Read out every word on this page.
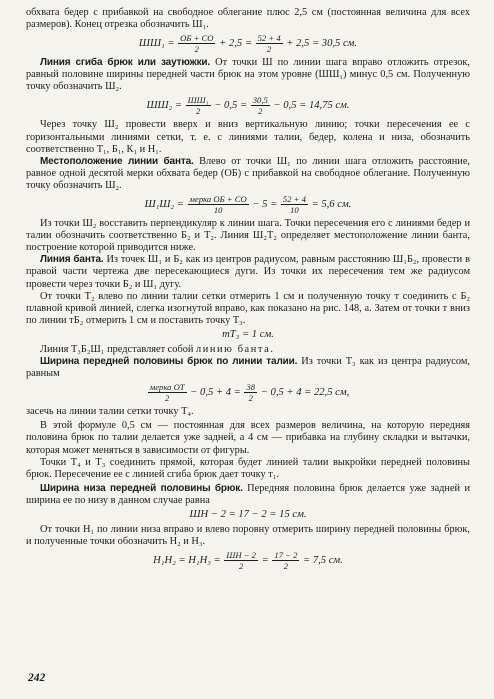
обхвата бедер с прибавкой на свободное облегание плюс 2,5 см (постоянная величина для всех размеров). Конец отрезка обозначить Ш₁.

$ШШ_1 = \frac{ОБ + СО}{2} + 2,5 = \frac{52 + 4}{2} + 2,5 = 30,5$ см.

Линия сгиба брюк или заутюжки. От точки Ш по линии шага вправо отложить отрезок, равный половине ширины передней части брюк на этом уровне (ШШ₁) минус 0,5 см. Полученную точку обозначить Ш₂.

$ШШ_2 = \frac{\text{ШШ₁}}{2} - 0,5 = \frac{30,5}{2} - 0,5 = 14,75$ см.

Через точку Ш₂ провести вверх и вниз вертикальную линию; точки пересечения ее с горизонтальными линиями сетки, т. е. с линиями талии, бедер, колена и низа, обозначить соответственно Т₁, Б₁, К₁ и Н₁.

Местоположение линии банта. Влево от точки Ш₁ по линии шага отложить расстояние, равное одной десятой мерки обхвата бедер (ОБ) с прибавкой на свободное облегание. Полученную точку обозначить Ш₂.

$Ш_1Ш_2 = \frac{\text{мерка ОБ + СО}}{10} - 5 = \frac{52 + 4}{10} = 5,6$ см.

Из точки Ш₂ восставить перпендикуляр к линии шага. Точки пересечения его с линиями бедер и талии обозначить соответственно Б₂ и Т₂. Линия Ш₂Т₂ определяет местоположение линии банта, построение которой приводится ниже.

Линия банта. Из точек Ш₁ и Б₂ как из центров радиусом, равным расстоянию Ш₁Б₂, провести в правой части чертежа две пересекающиеся дуги. Из точки их пересечения тем же радиусом провести через точки Б₂ и Ш₁ дугу.

От точки Т₂ влево по линии талии сетки отмерить 1 см и полученную точку т соединить с Б₂ плавной кривой линией, слегка изогнутой вправо, как показано на рис. 148, а. Затем от точки т вниз по линии тБ₂ отмерить 1 см и поставить точку Т₃.

тТ₃ = 1 см.

Линия Т₃Б₂Ш₁ представляет собой линию банта.

Ширина передней половины брюк по линии талии. Из точки Т₃ как из центра радиусом, равным

$\frac{\text{мерка ОТ}}{2} - 0,5 + 4 = \frac{38}{2} - 0,5 + 4 = 22,5$ см,

засечь на линии талии сетки точку Т₄.

В этой формуле 0,5 см — постоянная для всех размеров величина, на которую передняя половина брюк по талии делается уже задней, а 4 см — прибавка на глубину складки и вытачки, которая может меняться в зависимости от фигуры.

Точки Т₄ и Т₃ соединить прямой, которая будет линией талии выкройки передней половины брюк. Пересечение ее с линией сгиба брюк дает точку т₁.

Ширина низа передней половины брюк. Передняя половина брюк делается уже задней и ширина ее по низу в данном случае равна

ШН − 2 = 17 − 2 = 15 см.

От точки Н₁ по линии низа вправо и влево поровну отмерить ширину передней половины брюк, и полученные точки обозначить Н₂ и Н₃.

$Н_1Н_2 = Н_1Н_3 = \frac{ШН - 2}{2} = \frac{17 - 2}{2} = 7,5$ см.
242
